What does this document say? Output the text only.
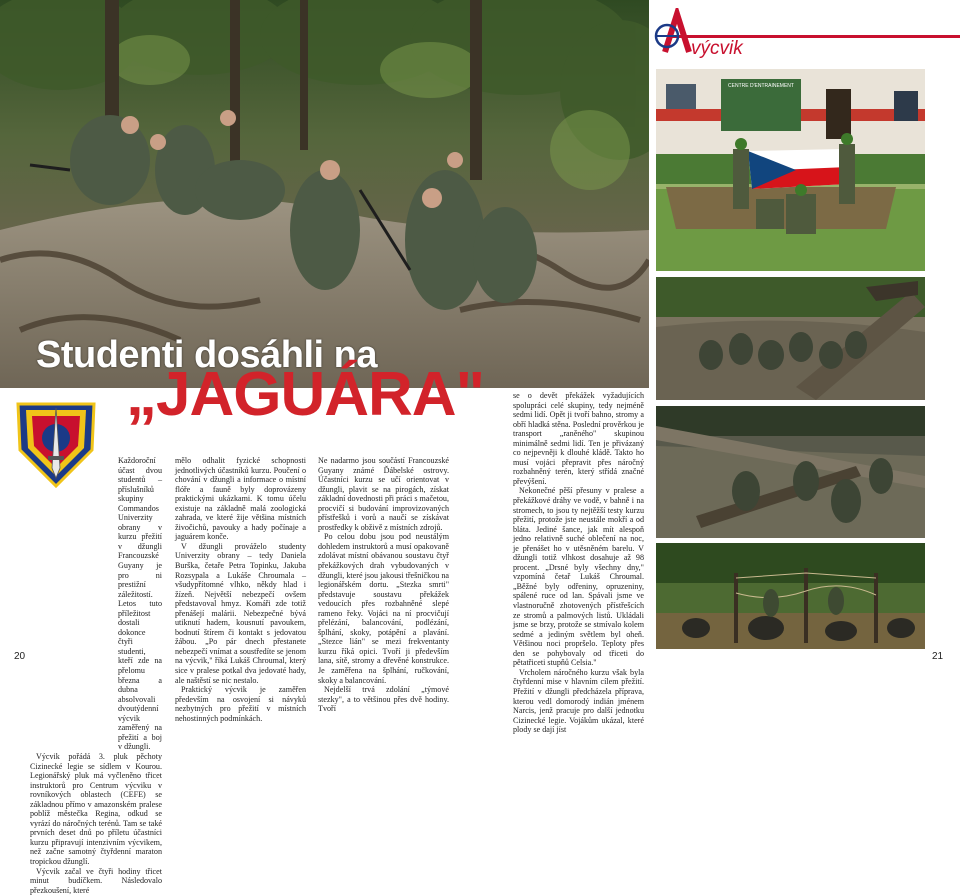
Studenti dosáhli na
„JAGUÁRA"

Každoroční účast dvou studentů – příslušníků skupiny Commandos Univerzity obrany v kurzu přežití v džungli Francouzské Guyany je pro ni prestižní záležitostí. Letos tuto příležitost dostali dokonce čtyři studenti, kteří zde na přelomu března a dubna absolvovali dvoutýdenní výcvik zaměřený na přežití a boj v džungli.

Výcvik pořádá 3. pluk pěchoty Cizinecké legie se sídlem v Kourou. Legionářský pluk má vyčleněno třicet instruktorů pro Centrum výcviku v rovníkových oblastech (CEFE) se základnou přímo v amazonském pralese poblíž městečka Regina, odkud se vyrází do náročných terénů. Tam se také prvních deset dnů po příletu účastníci kurzu připravují intenzivním výcvikem, než začne samotný čtyřdenní maraton tropickou džunglí.

Výcvik začal ve čtyři hodiny třicet minut budíčkem. Následovalo přezkoušení, které

mělo odhalit fyzické schopnosti jednotlivých účastníků kurzu. Poučení o chování v džungli a informace o místní flóře a fauně byly doprovázeny praktickými ukázkami. K tomu účelu existuje na základně malá zoologická zahrada, ve které žije většina místních živočichů, pavouky a hady počínaje a jaguárem konče.

V džungli prováželo studenty Univerzity obrany – tedy Daniela Burška, četaře Petra Topinku, Jakuba Rozsypala a Lukáše Chroumala – všudypřítomné vlhko, někdy hlad i žízeň. Největší nebezpečí ovšem představoval hmyz. Komáři zde totiž přenášejí malárii. Nebezpečné bývá utiknutí hadem, kousnutí pavoukem, bodnutí štírem či kontakt s jedovatou žábou. „Po pár dnech přestanete nebezpečí vnímat a soustředíte se jenom na výcvik," říká Lukáš Chroumal, který sice v pralese potkal dva jedovaté hady, ale naštěstí se nic nestalo.

Praktický výcvik je zaměřen především na osvojení si návyků nezbytných pro přežití v místních nehostinných podmínkách.

Ne nadarmo jsou součástí Francouzské Guyany známé Ďábelské ostrovy. Účastníci kurzu se učí orientovat v džungli, plavit se na pirogách, získat základní dovednosti při práci s mačetou, procvičí si budování improvizovaných přístřešků i vorů a naučí se získávat prostředky k obživě z místních zdrojů.

Po celou dobu jsou pod neustálým dohledem instruktorů a musí opakovaně zdolávat místní obávanou soustavu čtyř překážkových drah vybudovaných v džungli, které jsou jakousi třešničkou na legionářském dortu. „Stezka smrti" představuje soustavu překážek vedoucích přes rozbahněné slepé rameno řeky. Vojáci na ní procvičují přelézání, balancování, podlézání, šplhání, skoky, potápění a plavání. „Stezce lián" se mezi frekventanty kurzu říká opici. Tvoří ji především lana, sítě, stromy a dřevěné konstrukce. Je zaměřena na šplhání, ručkování, skoky a balancování.

Nejdelší trvá zdolání „týmové stezky", a to většinou přes dvě hodiny. Tvoří

20
výcvik
CENTRE D'ENTRAINEMENT

se o devět překážek vyžadujících spolupráci celé skupiny, tedy nejméně sedmi lidí. Opět ji tvoří bahno, stromy a obří hladká stěna. Poslední prověrkou je transport „raněného" skupinou minimálně sedmi lidí. Ten je přivázaný co nejpevněji k dlouhé kládě. Takto ho musí vojáci přepravit přes náročný rozbahněný terén, který střídá značné převýšení.

Nekonečné pěší přesuny v pralese a překážkové dráhy ve vodě, v bahně i na stromech, to jsou ty nejtěžší testy kurzu přežití, protože jste neustále mokří a od bláta. Jediné šance, jak mít alespoň jedno relativně suché oblečení na noc, je přenášet ho v utěsněném barelu. V džungli totiž vlhkost dosahuje až 98 procent. „Drsné byly všechny dny," vzpomíná četař Lukáš Chroumal. „Běžné byly odřeniny, opruzeniny, spálené ruce od lan. Spávali jsme ve vlastnoručně zhotovených přístřešcích ze stromů a palmových listů. Ukládali jsme se brzy, protože se stmívalo kolem sedmé a jediným světlem byl oheň. Většinou noci propršelo. Teploty přes den se pohybovaly od třiceti do pětatřiceti stupňů Celsia."

Vrcholem náročného kurzu však byla čtyřdenní mise v hlavním cílem přežití. Přežití v džungli předcházela příprava, kterou vedl domorodý indián jménem Narcis, jenž pracuje pro další jednotku Cizinecké legie. Vojákům ukázal, které plody se dají jíst

21
